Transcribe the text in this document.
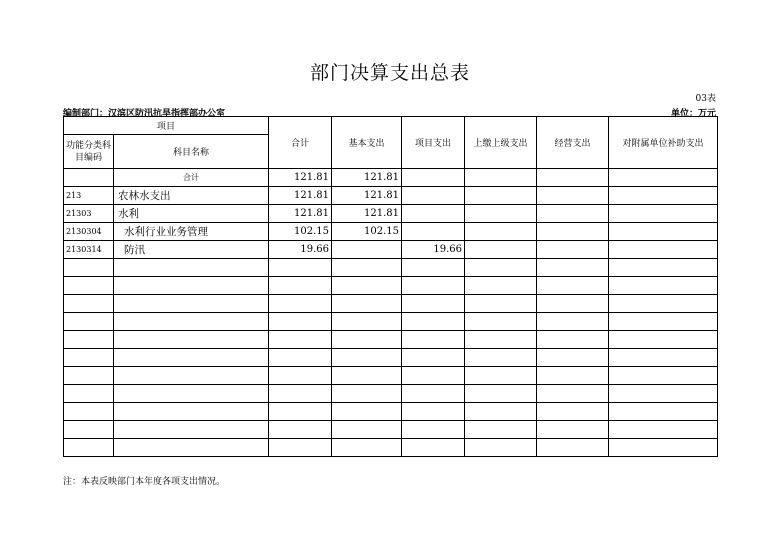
部门决算支出总表
03表
编制部门：汉滨区防汛抗旱指挥部办公室	单位：万元
项目		合计	基本支出	项目支出	上缴上级支出	经营支出	对附属单位补助支出
功能分类科目编码	科目名称						
	合计	121.81	121.81				
213	农林水支出	121.81	121.81				
21303	水利	121.81	121.81				
2130304	水利行业业务管理	102.15	102.15				
2130314	防汛	19.66		19.66			

注：本表反映部门本年度各项支出情况。
